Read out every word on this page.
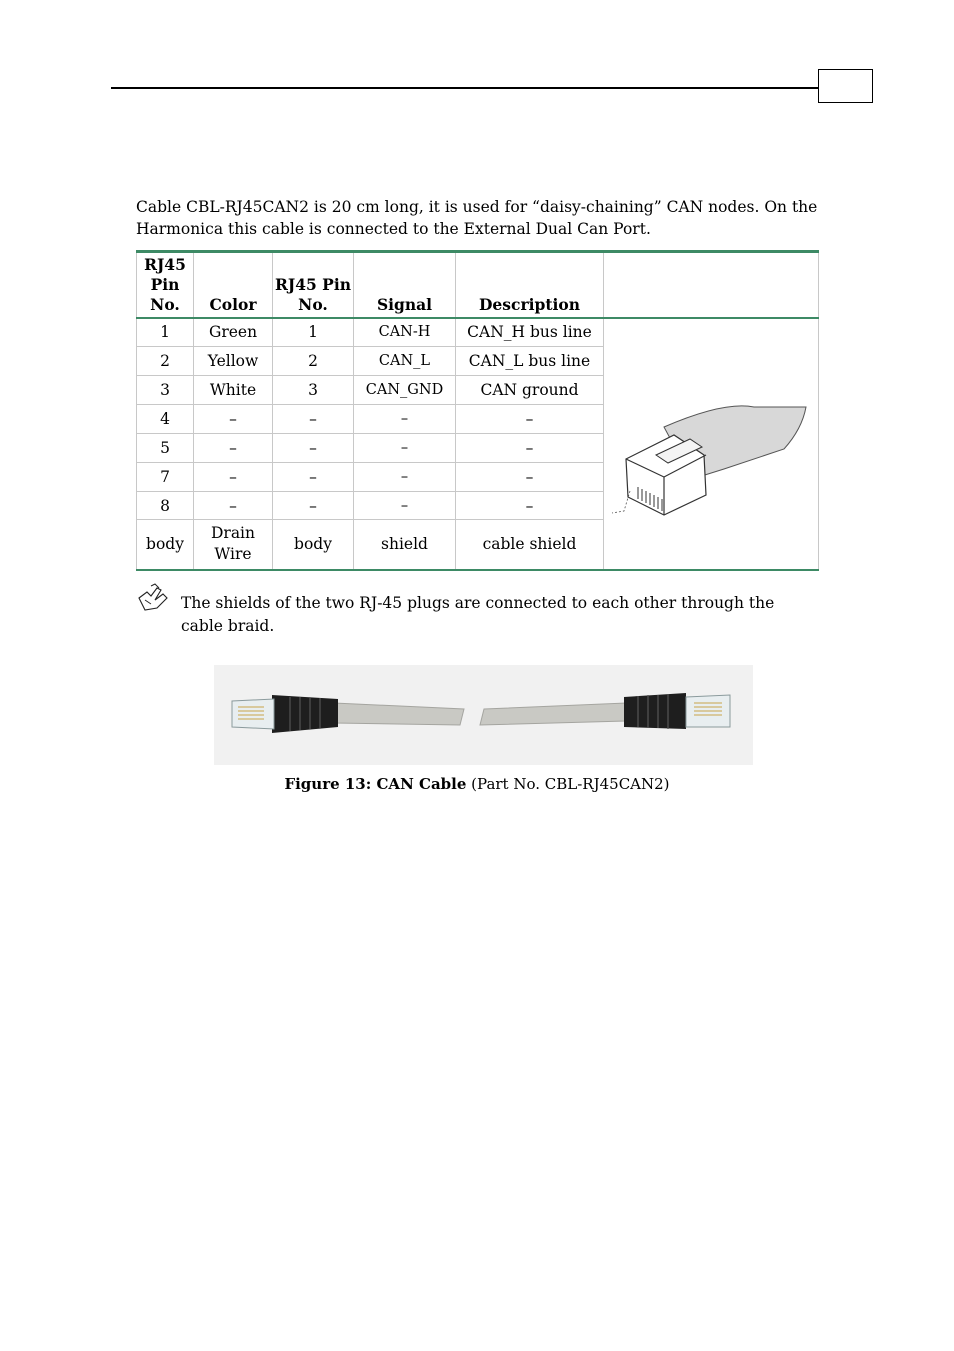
Cable CBL-RJ45CAN2 is 20 cm long, it is used for “daisy-chaining” CAN nodes. On the Harmonica this cable is connected to the External Dual Can Port.

RJ45 Pin No.	Color	RJ45 Pin No.	Signal	Description	
1	Green	1	CAN-H	CAN_H bus line	
2	Yellow	2	CAN_L	CAN_L bus line	
3	White	3	CAN_GND	CAN ground	
4	–	–	–	–	
5	–	–	–	–	
7	–	–	–	–	
8	–	–	–	–	
body	Drain Wire	body	shield	cable shield	

The shields of the two RJ-45 plugs are connected to each other through the cable braid.

Figure 13: CAN Cable (Part No. CBL-RJ45CAN2)
